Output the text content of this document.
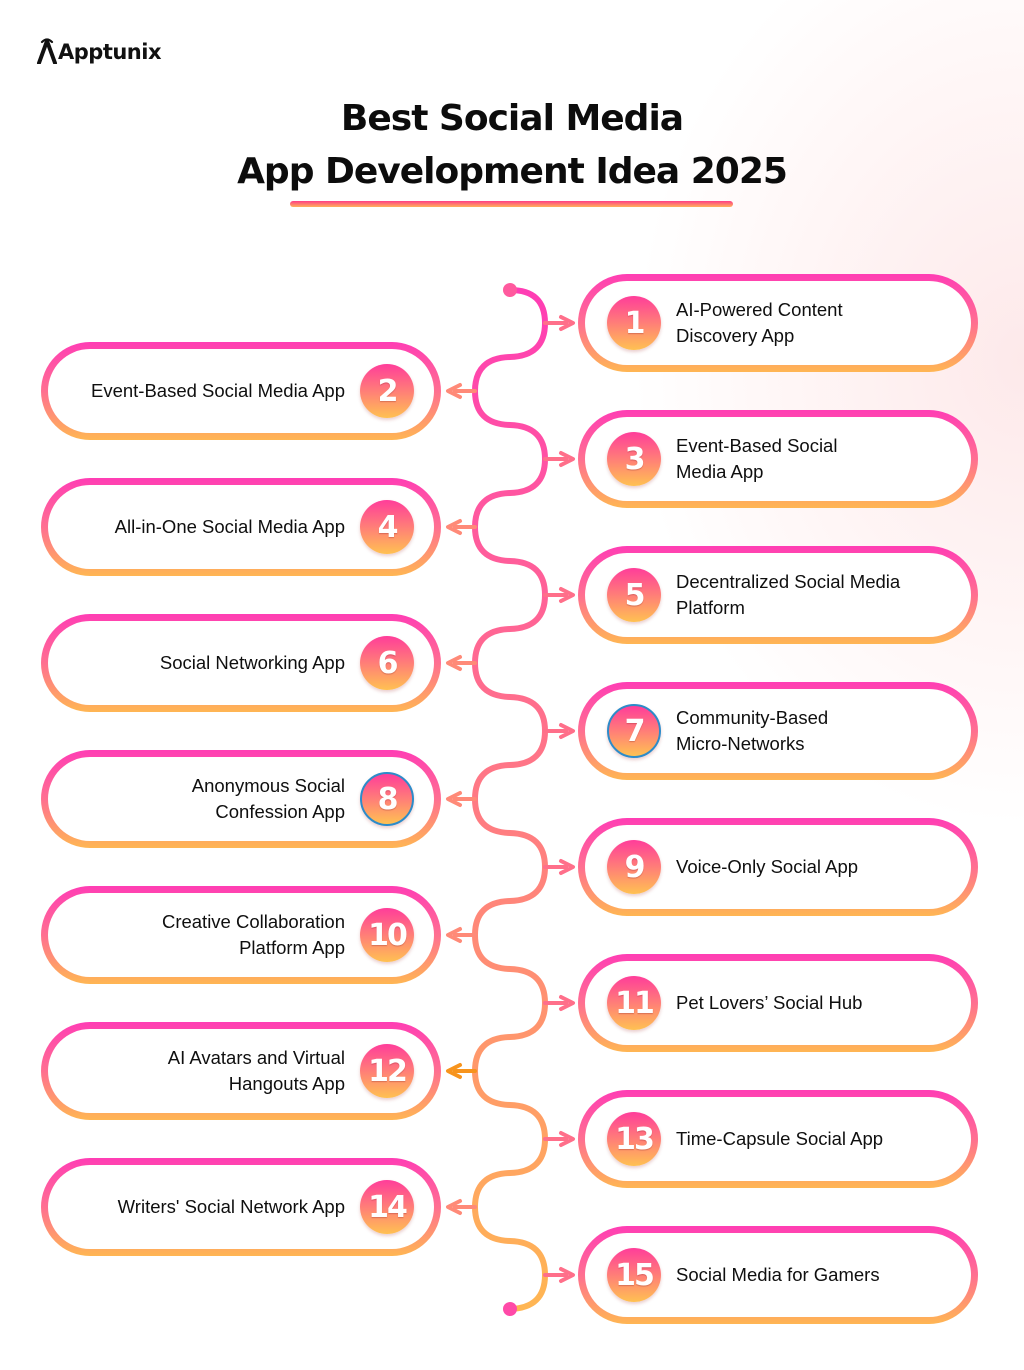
Apptunix
Best Social Media
App Development Idea 2025
AI-Powered Content Discovery App
1
Event-Based Social Media App	2
Event-Based Social Media App
3
All-in-One Social Media App	4
Decentralized Social Media Platform
5
Social Networking App	6
Community-Based Micro-Networks
7
Anonymous Social Confession App	8
Voice-Only Social App
9
Creative Collaboration Platform App 10
Pet Lovers’ Social Hub
11
AI Avatars and Virtual Hangouts App 12
Time-Capsule Social App
13
Writers' Social Network App 14
Social Media for Gamers
15
